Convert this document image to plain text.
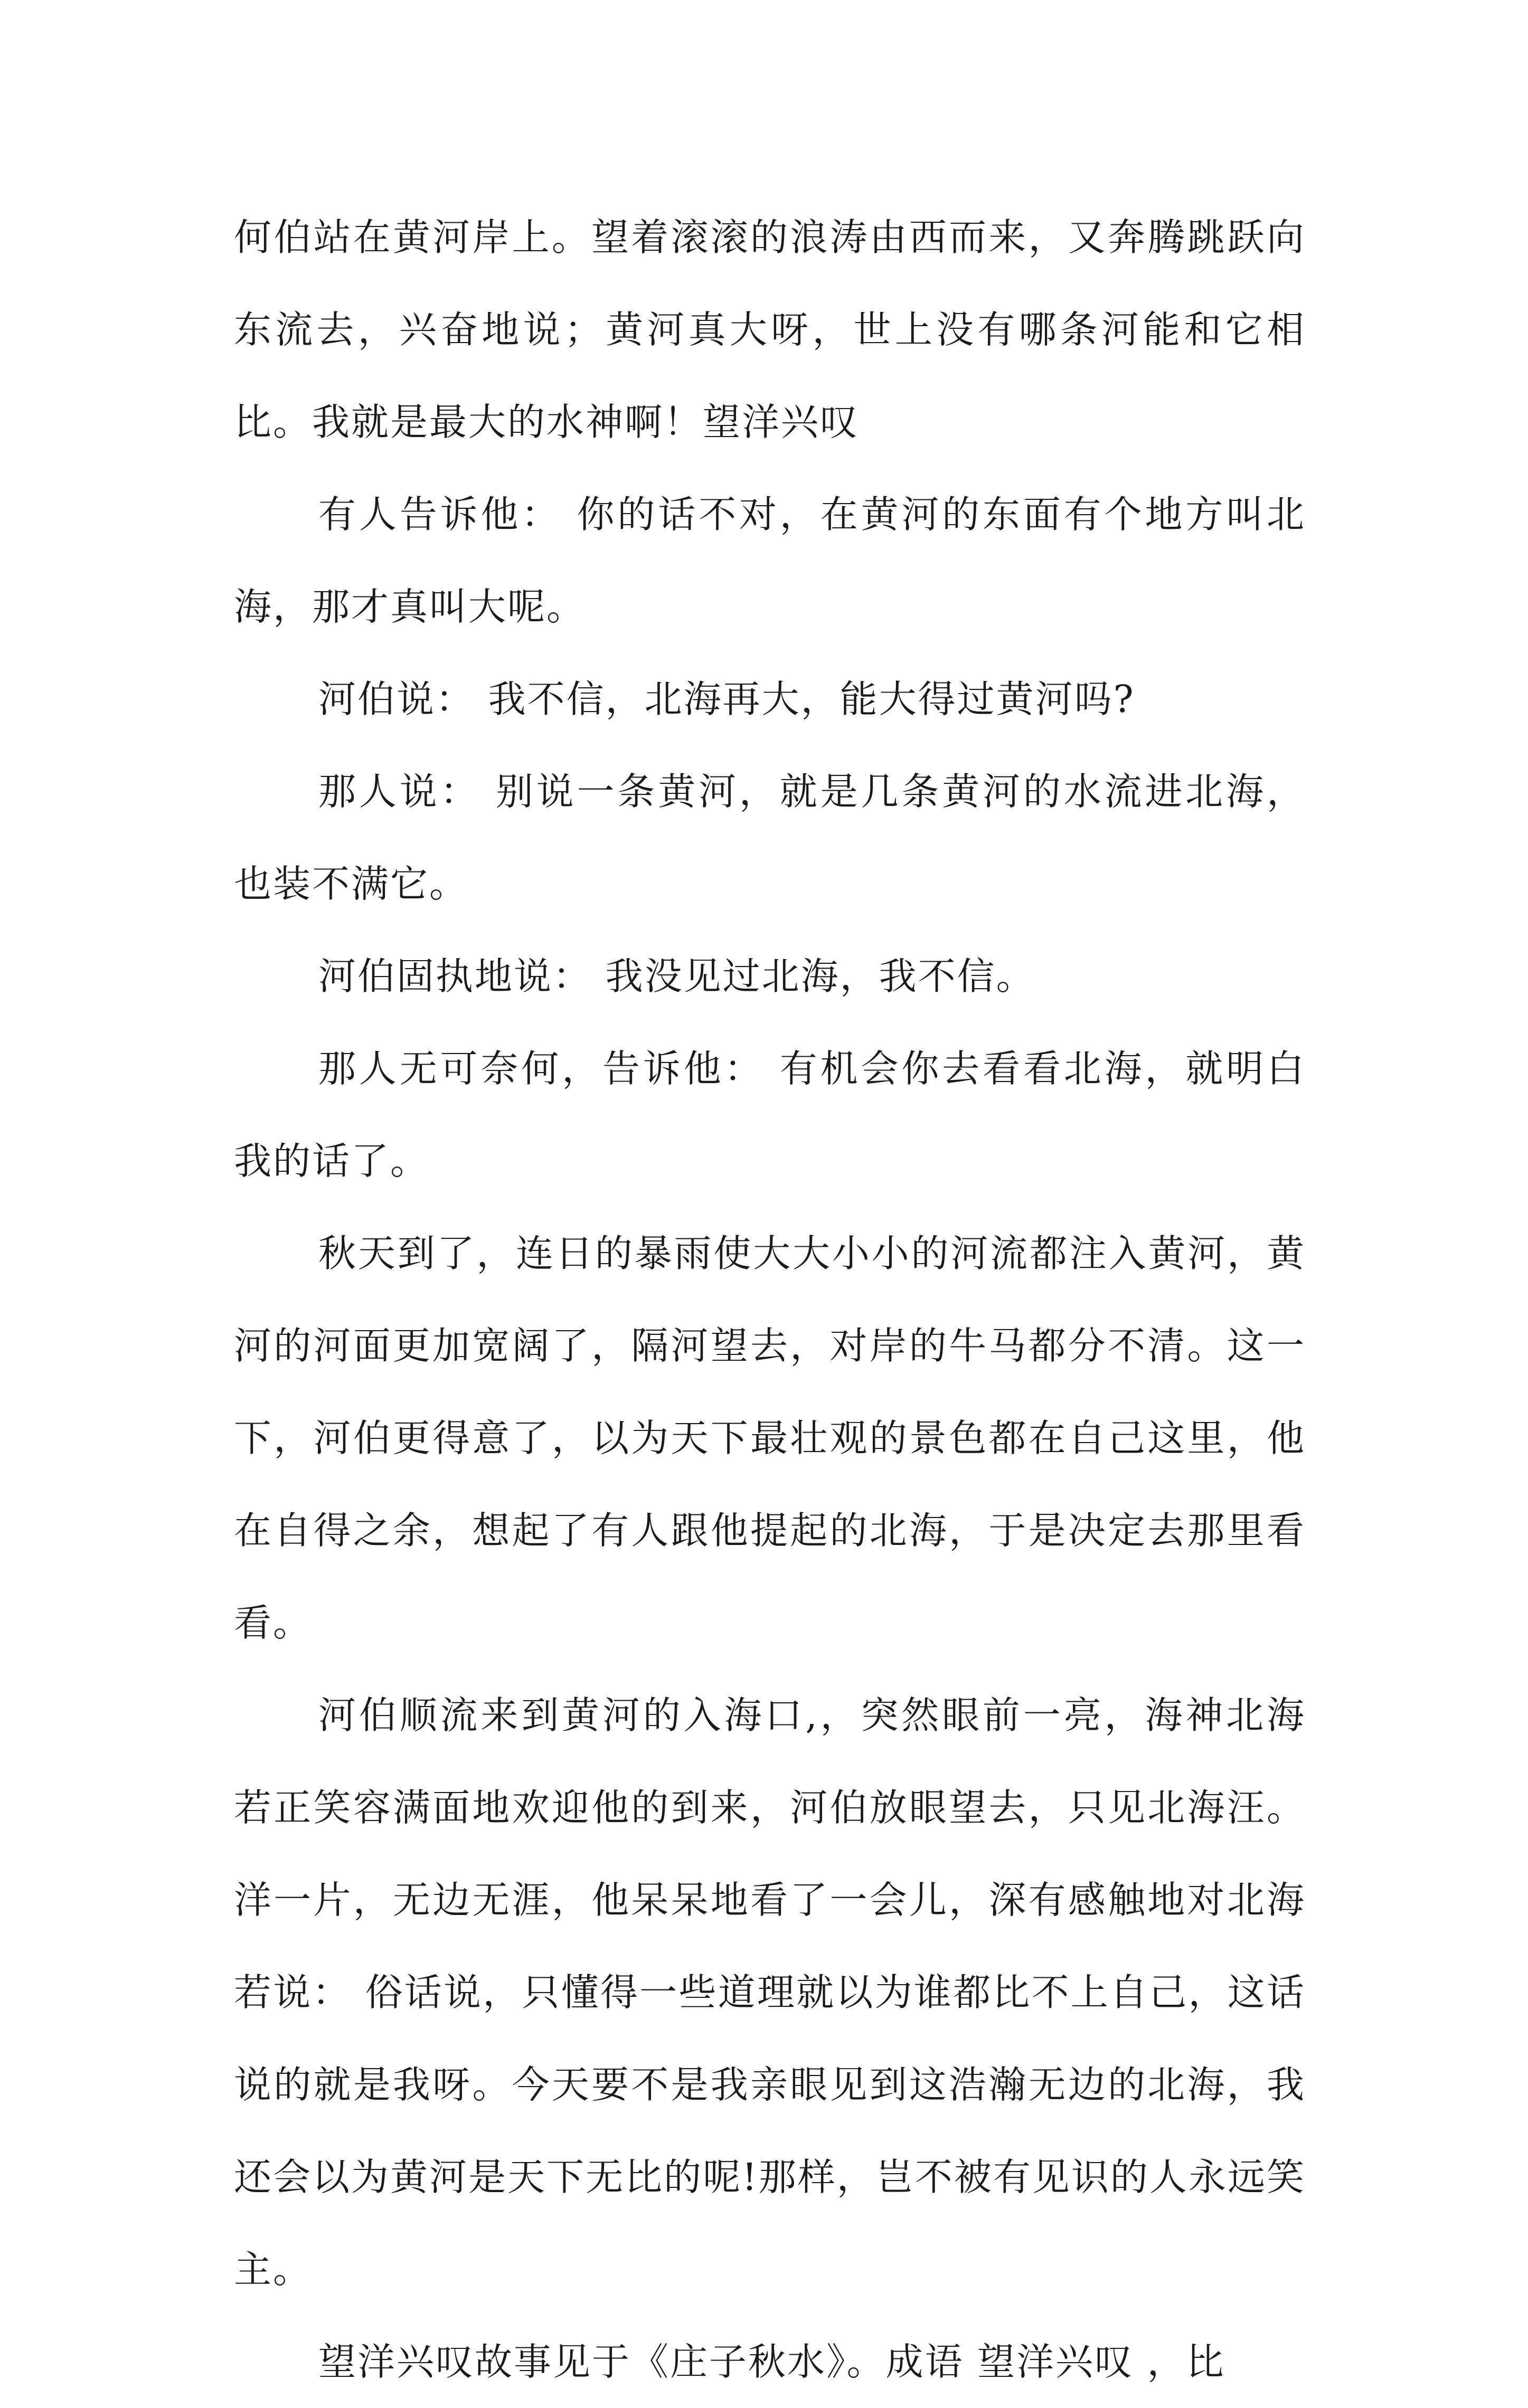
何伯站在黄河岸上。望着滚滚的浪涛由西而来，又奔腾跳跃向东流去，兴奋地说；黄河真大呀，世上没有哪条河能和它相比。我就是最大的水神啊！望洋兴叹

有人告诉他： 你的话不对，在黄河的东面有个地方叫北海，那才真叫大呢。

河伯说： 我不信，北海再大，能大得过黄河吗?

那人说： 别说一条黄河，就是几条黄河的水流进北海，也装不满它。

河伯固执地说： 我没见过北海，我不信。

那人无可奈何，告诉他： 有机会你去看看北海，就明白我的话了。

秋天到了，连日的暴雨使大大小小的河流都注入黄河，黄河的河面更加宽阔了，隔河望去，对岸的牛马都分不清。这一下，河伯更得意了，以为天下最壮观的景色都在自己这里，他在自得之余，想起了有人跟他提起的北海，于是决定去那里看看。

河伯顺流来到黄河的入海口,，突然眼前一亮，海神北海若正笑容满面地欢迎他的到来，河伯放眼望去，只见北海汪。洋一片，无边无涯，他呆呆地看了一会儿，深有感触地对北海若说： 俗话说，只懂得一些道理就以为谁都比不上自己，这话说的就是我呀。今天要不是我亲眼见到这浩瀚无边的北海，我还会以为黄河是天下无比的呢!那样，岂不被有见识的人永远笑主。

望洋兴叹故事见于《庄子秋水》。成语 望洋兴叹 ，比
